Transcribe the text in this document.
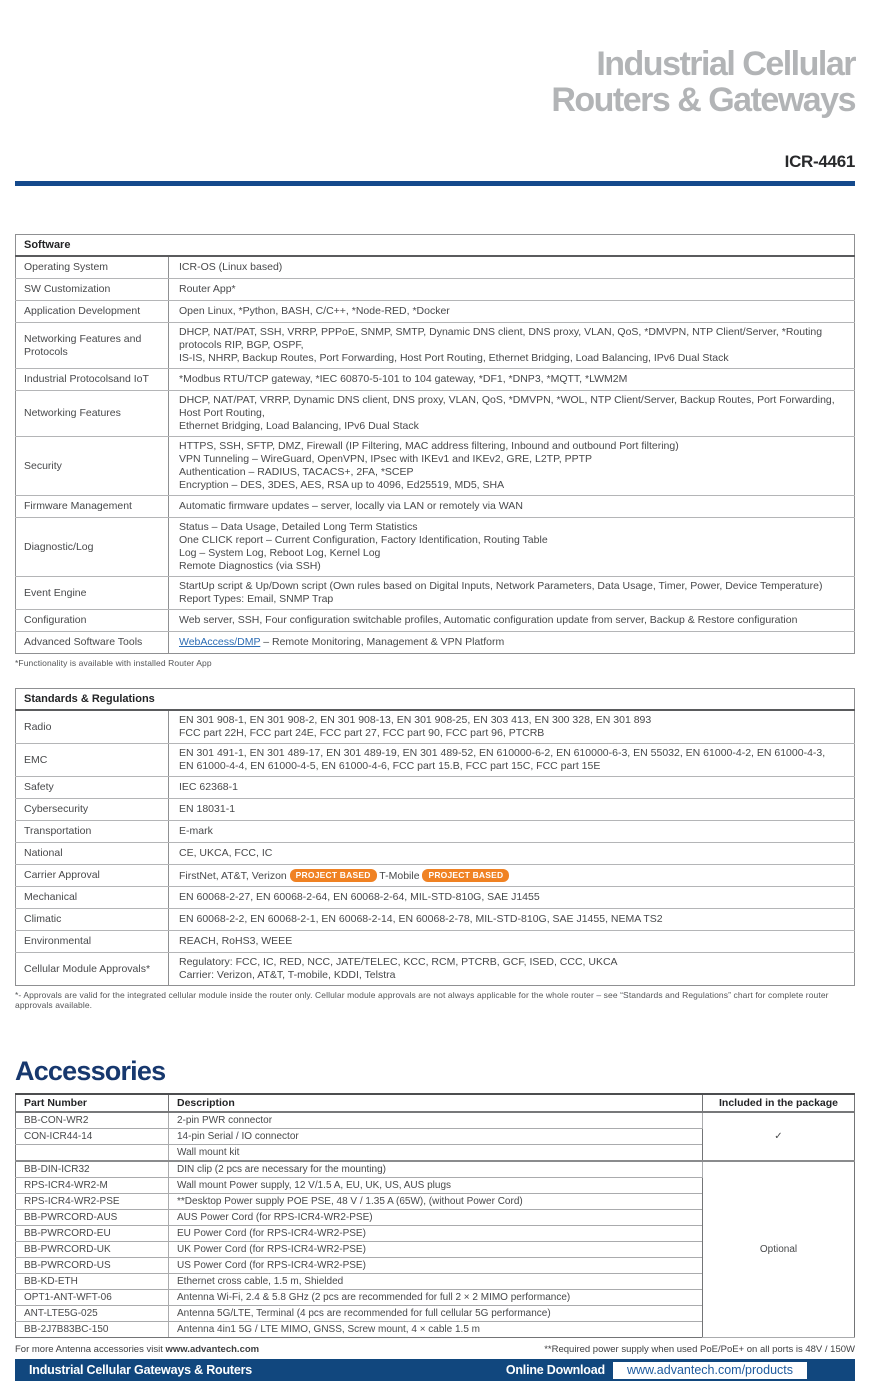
Industrial Cellular
Routers & Gateways
ICR-4461
Software	
Operating System	ICR-OS (Linux based)

SW Customization	Router App*

Application Development	Open Linux, *Python, BASH, C/C++, *Node-RED, *Docker

Networking Features and Protocols	DHCP, NAT/PAT, SSH, VRRP, PPPoE, SNMP, SMTP, Dynamic DNS client, DNS proxy, VLAN, QoS, *DMVPN, NTP Client/Server, *Routing protocols RIP, BGP, OSPF,
IS-IS, NHRP, Backup Routes, Port Forwarding, Host Port Routing, Ethernet Bridging, Load Balancing, IPv6 Dual Stack

Industrial Protocolsand IoT	*Modbus RTU/TCP gateway, *IEC 60870-5-101 to 104 gateway, *DF1, *DNP3, *MQTT, *LWM2M

Networking Features	DHCP, NAT/PAT, VRRP, Dynamic DNS client, DNS proxy, VLAN, QoS, *DMVPN, *WOL, NTP Client/Server, Backup Routes, Port Forwarding, Host Port Routing,
Ethernet Bridging, Load Balancing, IPv6 Dual Stack

Security	HTTPS, SSH, SFTP, DMZ, Firewall (IP Filtering, MAC address filtering, Inbound and outbound Port filtering)
VPN Tunneling – WireGuard, OpenVPN, IPsec with IKEv1 and IKEv2, GRE, L2TP, PPTP
Authentication – RADIUS, TACACS+, 2FA, *SCEP
Encryption – DES, 3DES, AES, RSA up to 4096, Ed25519, MD5, SHA

Firmware Management	Automatic firmware updates – server, locally via LAN or remotely via WAN

Diagnostic/Log	Status – Data Usage, Detailed Long Term Statistics
One CLICK report – Current Configuration, Factory Identification, Routing Table
Log – System Log, Reboot Log, Kernel Log
Remote Diagnostics (via SSH)

Event Engine	StartUp script & Up/Down script (Own rules based on Digital Inputs, Network Parameters, Data Usage, Timer, Power, Device Temperature)
Report Types: Email, SNMP Trap

Configuration	Web server, SSH, Four configuration switchable profiles, Automatic configuration update from server, Backup & Restore configuration

Advanced Software Tools	WebAccess/DMP – Remote Monitoring, Management & VPN Platform
*Functionality is available with installed Router App
Standards & Regulations	
Radio	EN 301 908-1, EN 301 908-2, EN 301 908-13, EN 301 908-25, EN 303 413, EN 300 328, EN 301 893
FCC part 22H, FCC part 24E, FCC part 27, FCC part 90, FCC part 96, PTCRB

EMC	EN 301 491-1, EN 301 489-17, EN 301 489-19, EN 301 489-52, EN 610000-6-2, EN 610000-6-3, EN 55032, EN 61000-4-2, EN 61000-4-3,
EN 61000-4-4, EN 61000-4-5, EN 61000-4-6, FCC part 15.B, FCC part 15C, FCC part 15E

Safety	IEC 62368-1

Cybersecurity	EN 18031-1

Transportation	E-mark

National	CE, UKCA, FCC, IC

Carrier Approval	FirstNet, AT&T, Verizon PROJECT BASED T-Mobile PROJECT BASED
Mechanical	EN 60068-2-27, EN 60068-2-64, EN 60068-2-64, MIL-STD-810G, SAE J1455

Climatic	EN 60068-2-2, EN 60068-2-1, EN 60068-2-14, EN 60068-2-78, MIL-STD-810G, SAE J1455, NEMA TS2

Environmental	REACH, RoHS3, WEEE

Cellular Module Approvals*	Regulatory: FCC, IC, RED, NCC, JATE/TELEC, KCC, RCM, PTCRB, GCF, ISED, CCC, UKCA
Carrier: Verizon, AT&T, T-mobile, KDDI, Telstra
*- Approvals are valid for the integrated cellular module inside the router only. Cellular module approvals are not always applicable for the whole router – see “Standards and Regulations” chart for complete router approvals available.
Accessories
Part Number	Description	Included in the package
BB-CON-WR2	2-pin PWR connector	✓
CON-ICR44-14	14-pin Serial / IO connector	
	Wall mount kit	
BB-DIN-ICR32	DIN clip (2 pcs are necessary for the mounting)	Optional
RPS-ICR4-WR2-M	Wall mount Power supply, 12 V/1.5 A, EU, UK, US, AUS plugs	
RPS-ICR4-WR2-PSE	**Desktop Power supply POE PSE, 48 V / 1.35 A (65W), (without Power Cord)	
BB-PWRCORD-AUS	AUS Power Cord (for RPS-ICR4-WR2-PSE)	
BB-PWRCORD-EU	EU Power Cord (for RPS-ICR4-WR2-PSE)	
BB-PWRCORD-UK	UK Power Cord (for RPS-ICR4-WR2-PSE)	
BB-PWRCORD-US	US Power Cord (for RPS-ICR4-WR2-PSE)	
BB-KD-ETH	Ethernet cross cable, 1.5 m, Shielded	
OPT1-ANT-WFT-06	Antenna Wi-Fi, 2.4 & 5.8 GHz (2 pcs are recommended for full 2 × 2 MIMO performance)	
ANT-LTE5G-025	Antenna 5G/LTE, Terminal (4 pcs are recommended for full cellular 5G performance)	
BB-2J7B83BC-150	Antenna 4in1 5G / LTE MIMO, GNSS, Screw mount, 4 × cable 1.5 m	
For more Antenna accessories visit www.advantech.com	**Required power supply when used PoE/PoE+ on all ports is 48V / 150W
Industrial Cellular Gateways & Routers	Online Download	www.advantech.com/products
